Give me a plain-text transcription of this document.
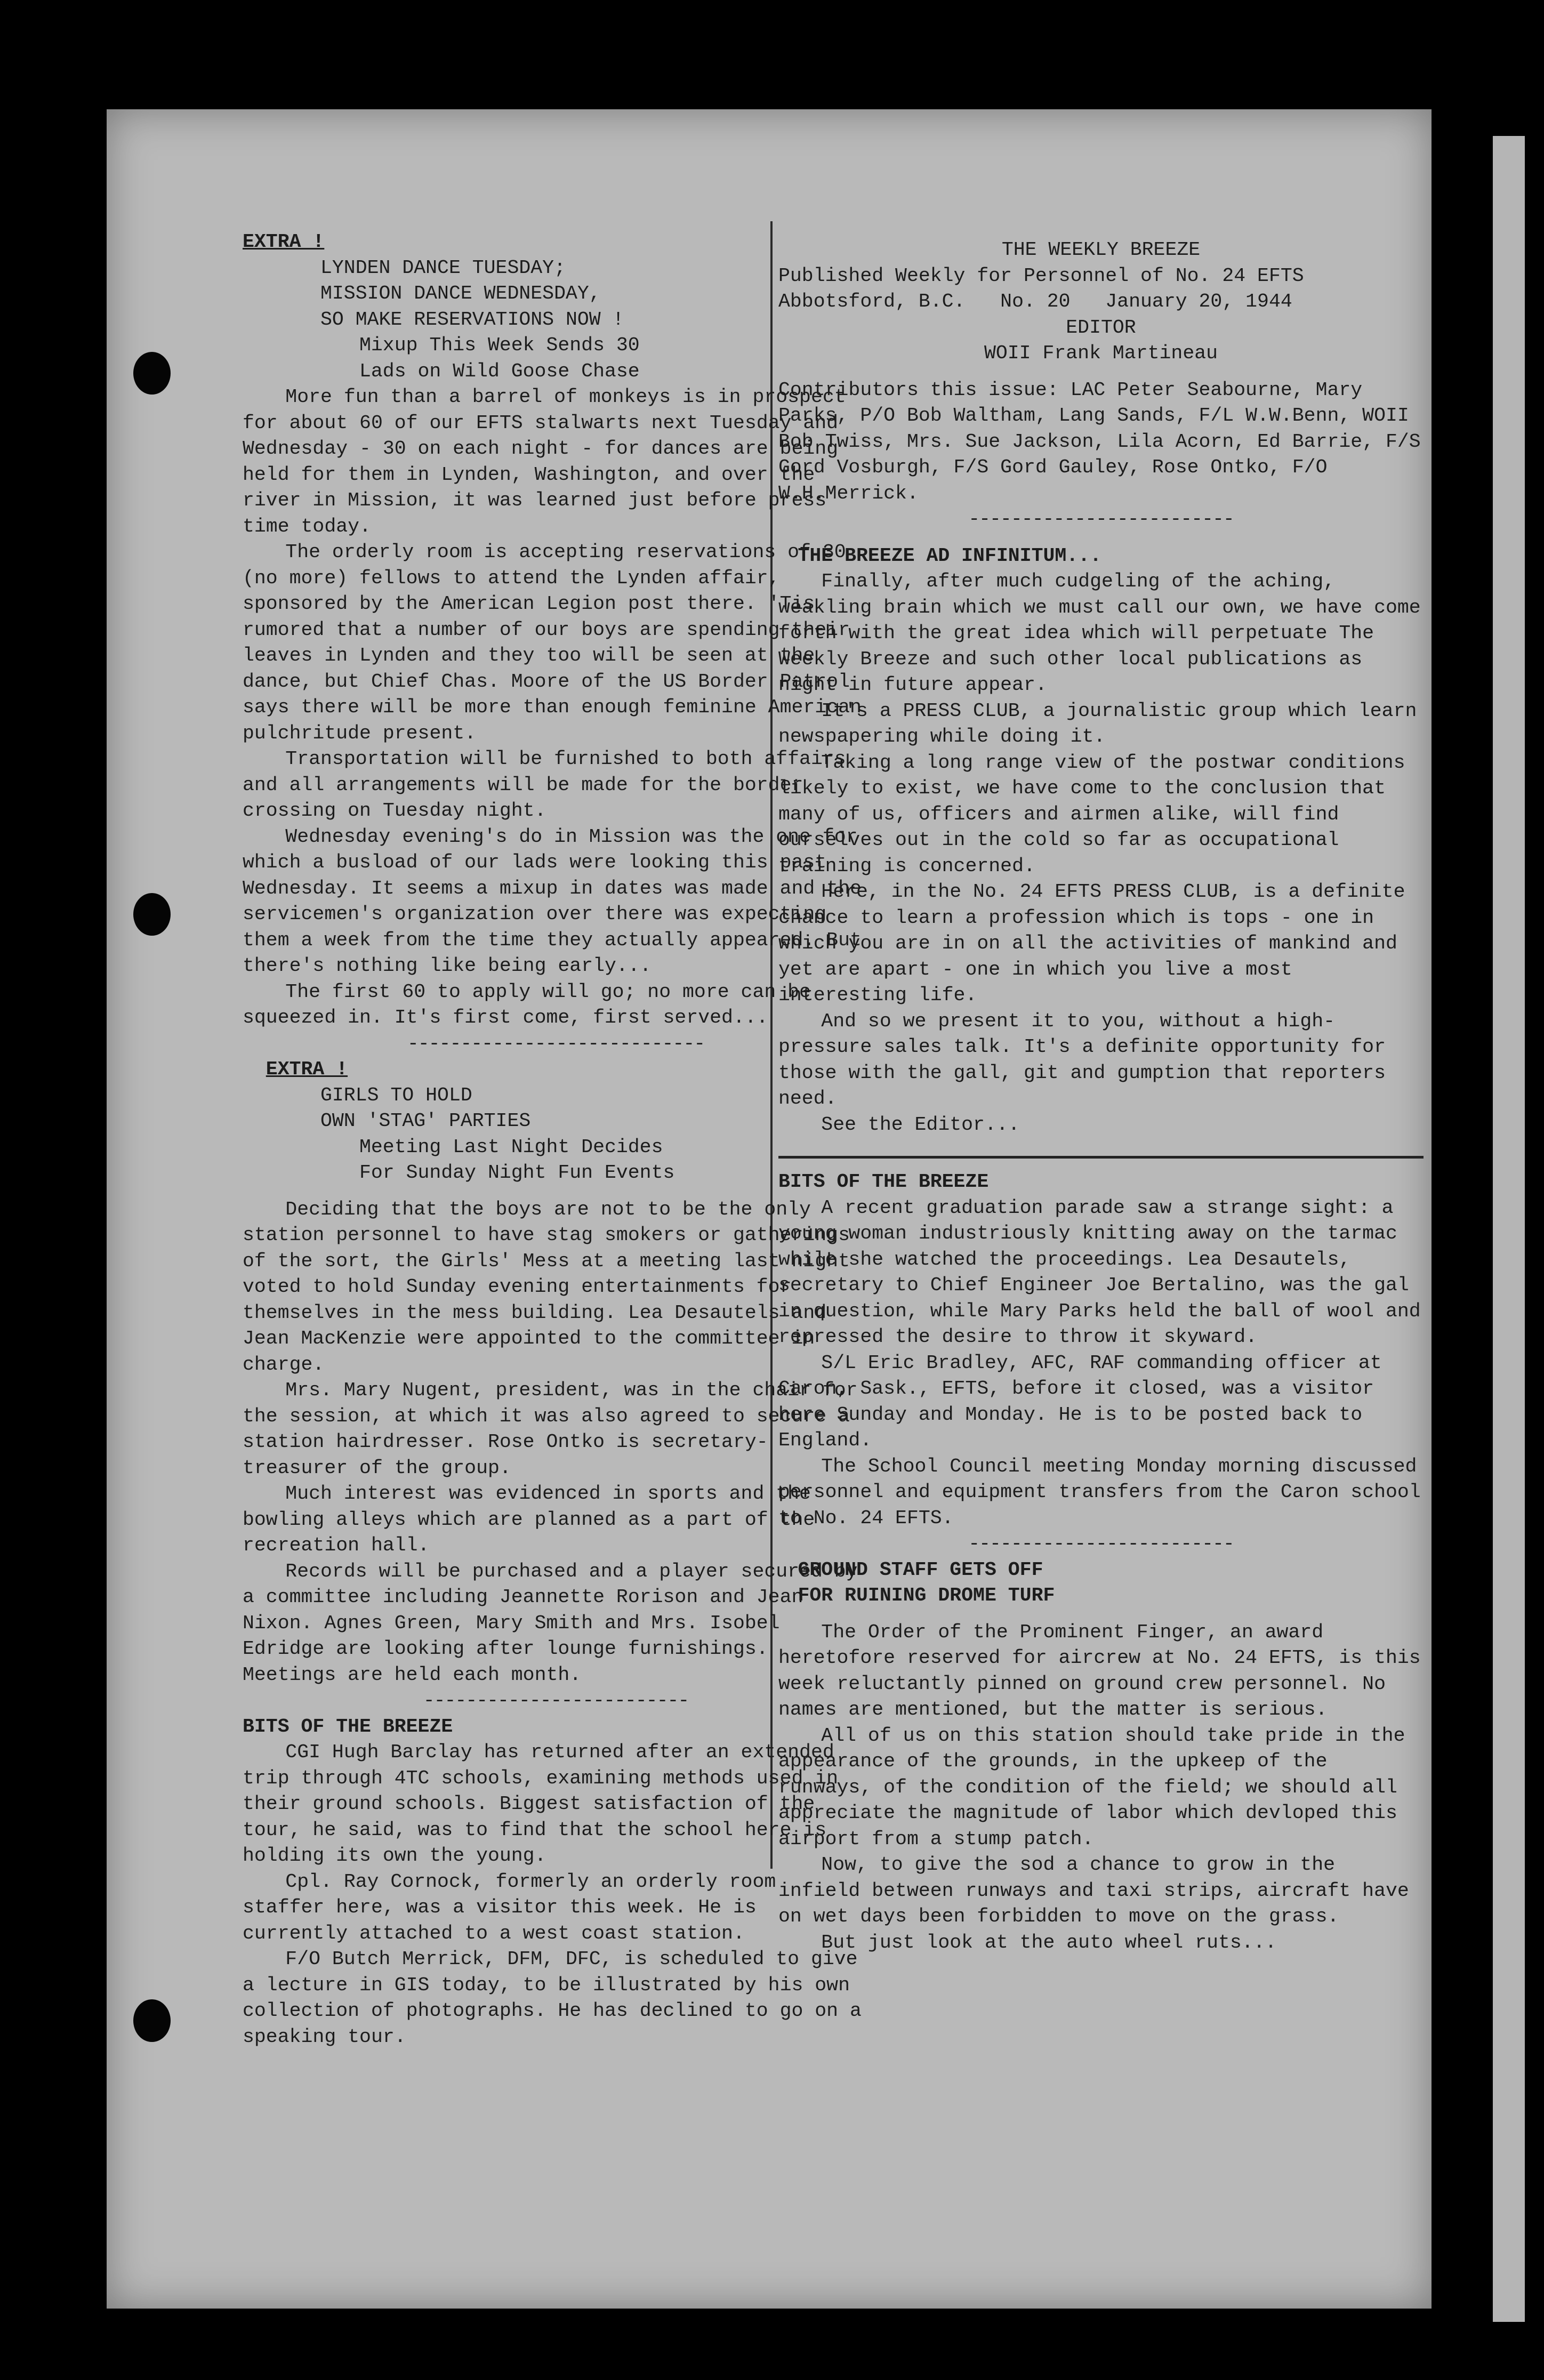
EXTRA !

LYNDEN DANCE TUESDAY;

MISSION DANCE WEDNESDAY,

SO MAKE RESERVATIONS NOW !

Mixup This Week Sends 30

Lads on Wild Goose Chase

More fun than a barrel of monkeys is in prospect for about 60 of our EFTS stalwarts next Tuesday and Wednesday - 30 on each night - for dances are being held for them in Lynden, Washington, and over the river in Mission, it was learned just before press time today.

The orderly room is accepting reservations of 30 (no more) fellows to attend the Lynden affair, sponsored by the American Legion post there. 'Tis rumored that a number of our boys are spending their leaves in Lynden and they too will be seen at the dance, but Chief Chas. Moore of the US Border Patrol says there will be more than enough feminine American pulchritude present.

Transportation will be furnished to both affairs and all arrangements will be made for the border crossing on Tuesday night.

Wednesday evening's do in Mission was the one for which a busload of our lads were looking this past Wednesday. It seems a mixup in dates was made and the servicemen's organization over there was expecting them a week from the time they actually appeared. But there's nothing like being early...

The first 60 to apply will go; no more can be squeezed in. It's first come, first served...

----------------------------

EXTRA !

GIRLS TO HOLD

OWN 'STAG' PARTIES

Meeting Last Night Decides

For Sunday Night Fun Events

Deciding that the boys are not to be the only station personnel to have stag smokers or gatherings of the sort, the Girls' Mess at a meeting last night voted to hold Sunday evening entertainments for themselves in the mess building. Lea Desautels and Jean MacKenzie were appointed to the committee in charge.

Mrs. Mary Nugent, president, was in the chair for the session, at which it was also agreed to secure a station hairdresser. Rose Ontko is secretary-treasurer of the group.

Much interest was evidenced in sports and the bowling alleys which are planned as a part of the recreation hall.

Records will be purchased and a player secured by a committee including Jeannette Rorison and Jean Nixon. Agnes Green, Mary Smith and Mrs. Isobel Edridge are looking after lounge furnishings. Meetings are held each month.

-------------------------

BITS OF THE BREEZE

CGI Hugh Barclay has returned after an extended trip through 4TC schools, examining methods used in their ground schools. Biggest satisfaction of the tour, he said, was to find that the school here is holding its own the young.

Cpl. Ray Cornock, formerly an orderly room staffer here, was a visitor this week. He is currently attached to a west coast station.

F/O Butch Merrick, DFM, DFC, is scheduled to give a lecture in GIS today, to be illustrated by his own collection of photographs. He has declined to go on a speaking tour.

THE WEEKLY BREEZE

Published Weekly for Personnel of No. 24 EFTS

Abbotsford, B.C.   No. 20   January 20, 1944

EDITOR

WOII Frank Martineau

Contributors this issue: LAC Peter Seabourne, Mary Parks, P/O Bob Waltham, Lang Sands, F/L W.W.Benn, WOII Bob Twiss, Mrs. Sue Jackson, Lila Acorn, Ed Barrie, F/S Gord Vosburgh, F/S Gord Gauley, Rose Ontko, F/O W.H.Merrick.

-------------------------

THE BREEZE AD INFINITUM...

Finally, after much cudgeling of the aching, weakling brain which we must call our own, we have come forth with the great idea which will perpetuate The Weekly Breeze and such other local publications as night in future appear.

It's a PRESS CLUB, a journalistic group which learn newspapering while doing it.

Taking a long range view of the postwar conditions likely to exist, we have come to the conclusion that many of us, officers and airmen alike, will find ourselves out in the cold so far as occupational training is concerned.

Here, in the No. 24 EFTS PRESS CLUB, is a definite chance to learn a profession which is tops - one in which you are in on all the activities of mankind and yet are apart - one in which you live a most interesting life.

And so we present it to you, without a high-pressure sales talk. It's a definite opportunity for those with the gall, git and gumption that reporters need.

See the Editor...

BITS OF THE BREEZE

A recent graduation parade saw a strange sight: a young woman industriously knitting away on the tarmac while she watched the proceedings. Lea Desautels, secretary to Chief Engineer Joe Bertalino, was the gal in question, while Mary Parks held the ball of wool and repressed the desire to throw it skyward.

S/L Eric Bradley, AFC, RAF commanding officer at Caron, Sask., EFTS, before it closed, was a visitor here Sunday and Monday. He is to be posted back to England.

The School Council meeting Monday morning discussed personnel and equipment transfers from the Caron school to No. 24 EFTS.

-------------------------

GROUND STAFF GETS OFF

FOR RUINING DROME TURF

The Order of the Prominent Finger, an award heretofore reserved for aircrew at No. 24 EFTS, is this week reluctantly pinned on ground crew personnel. No names are mentioned, but the matter is serious.

All of us on this station should take pride in the appearance of the grounds, in the upkeep of the runways, of the condition of the field; we should all appreciate the magnitude of labor which devloped this airport from a stump patch.

Now, to give the sod a chance to grow in the infield between runways and taxi strips, aircraft have on wet days been forbidden to move on the grass.

But just look at the auto wheel ruts...
